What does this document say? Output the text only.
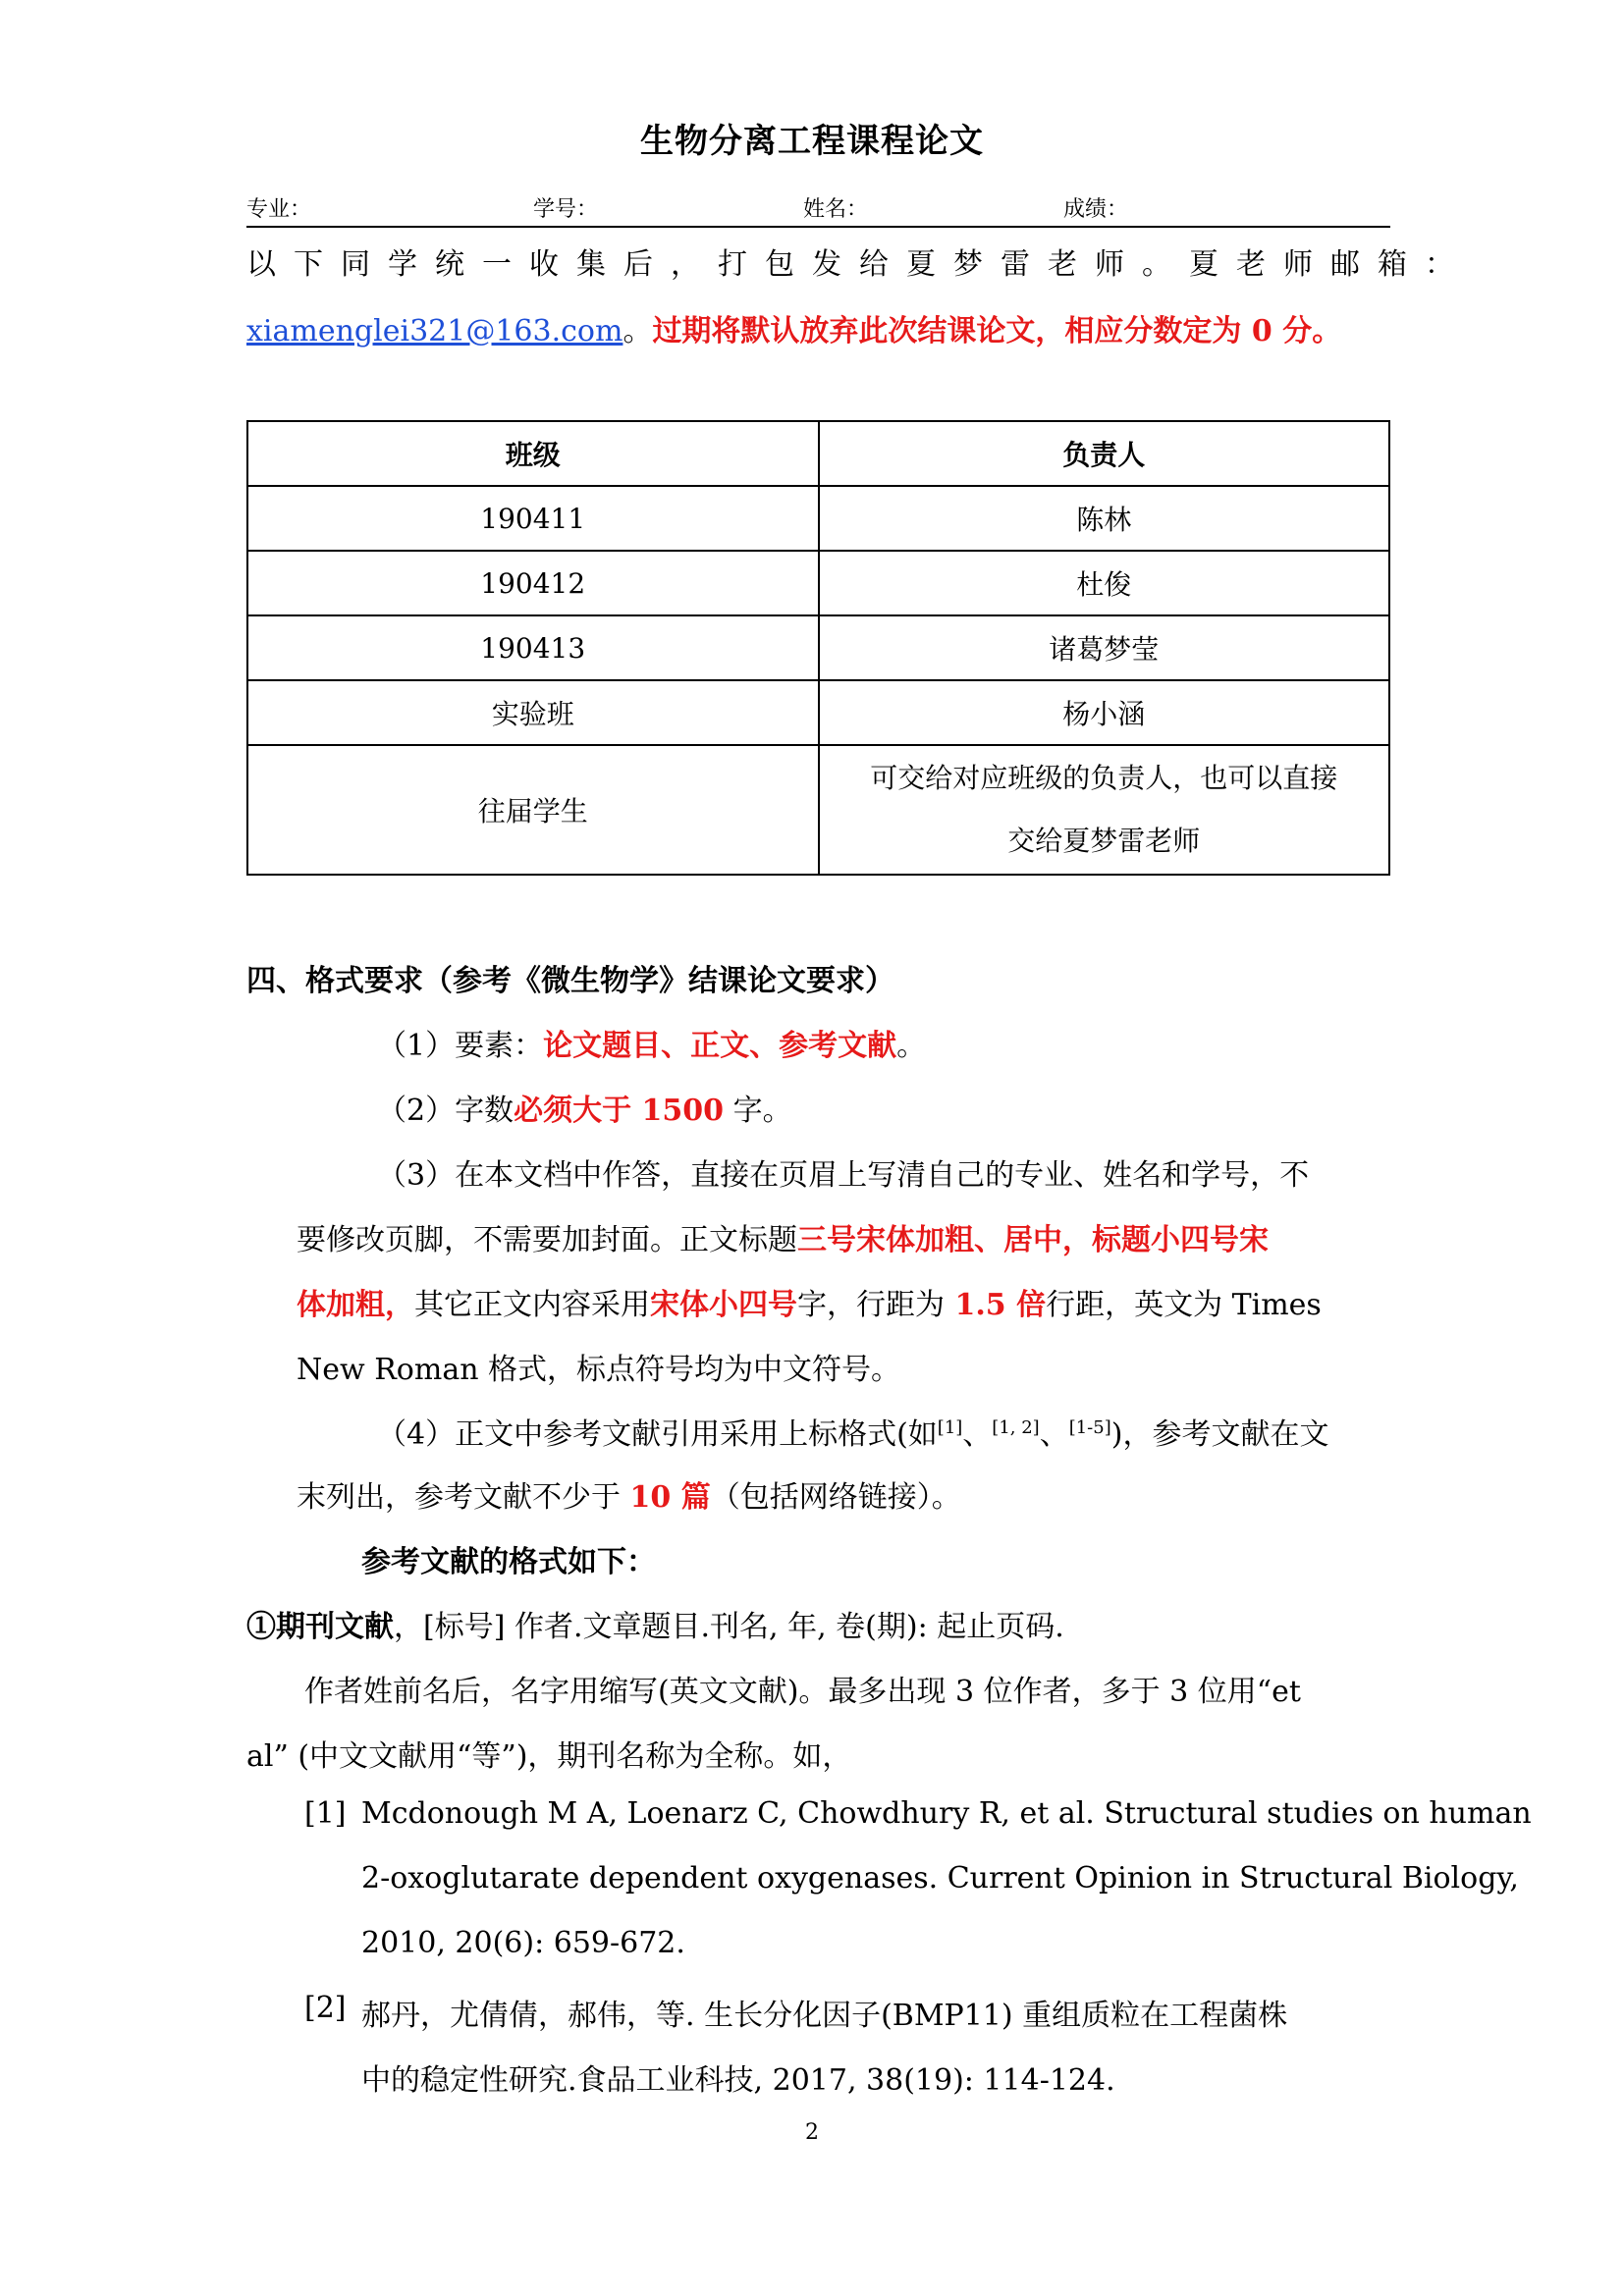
生物分离工程课程论文
专业：	学号：	姓名：	成绩：
以下同学统一收集后，打包发给夏梦雷老师。夏老师邮箱：
xiamenglei321@163.com。过期将默认放弃此次结课论文，相应分数定为 0 分。
班级	负责人
190411	陈林
190412	杜俊
190413	诸葛梦莹
实验班	杨小涵
往届学生	可交给对应班级的负责人，也可以直接
交给夏梦雷老师
四、格式要求（参考《微生物学》结课论文要求）
（1）要素：论文题目、正文、参考文献。
（2）字数必须大于 1500 字。
（3）在本文档中作答，直接在页眉上写清自己的专业、姓名和学号，不
要修改页脚，不需要加封面。正文标题三号宋体加粗、居中，标题小四号宋
体加粗，其它正文内容采用宋体小四号字，行距为 1.5 倍行距，英文为 Times
New Roman 格式，标点符号均为中文符号。
（4）正文中参考文献引用采用上标格式(如[1]、[1, 2]、[1-5])，参考文献在文
末列出，参考文献不少于 10 篇（包括网络链接）。
参考文献的格式如下：
①期刊文献，[标号] 作者.文章题目.刊名, 年, 卷(期): 起止页码.
作者姓前名后，名字用缩写(英文文献)。最多出现 3 位作者，多于 3 位用“et
al” (中文文献用“等”)，期刊名称为全称。如，
[1] Mcdonough M A, Loenarz C, Chowdhury R, et al. Structural studies on human
2-oxoglutarate dependent oxygenases. Current Opinion in Structural Biology,
2010, 20(6): 659-672.
[2] 郝丹，尤倩倩，郝伟，等. 生长分化因子(BMP11) 重组质粒在工程菌株
中的稳定性研究.食品工业科技, 2017, 38(19): 114-124.
2
